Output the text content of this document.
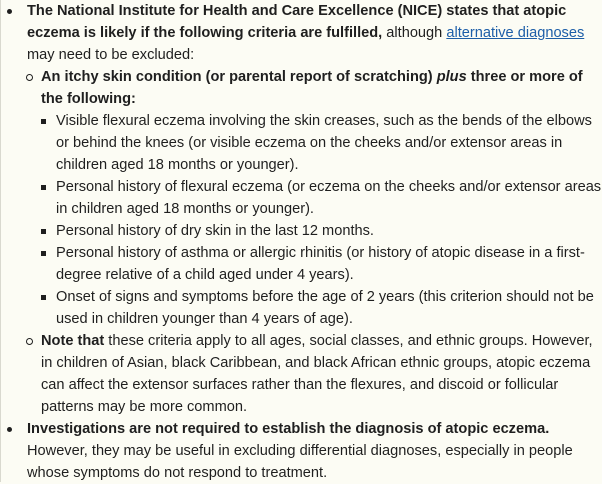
The National Institute for Health and Care Excellence (NICE) states that atopic eczema is likely if the following criteria are fulfilled, although alternative diagnoses may need to be excluded:
An itchy skin condition (or parental report of scratching) plus three or more of the following:
Visible flexural eczema involving the skin creases, such as the bends of the elbows or behind the knees (or visible eczema on the cheeks and/or extensor areas in children aged 18 months or younger).
Personal history of flexural eczema (or eczema on the cheeks and/or extensor areas in children aged 18 months or younger).
Personal history of dry skin in the last 12 months.
Personal history of asthma or allergic rhinitis (or history of atopic disease in a first-degree relative of a child aged under 4 years).
Onset of signs and symptoms before the age of 2 years (this criterion should not be used in children younger than 4 years of age).
Note that these criteria apply to all ages, social classes, and ethnic groups. However, in children of Asian, black Caribbean, and black African ethnic groups, atopic eczema can affect the extensor surfaces rather than the flexures, and discoid or follicular patterns may be more common.
Investigations are not required to establish the diagnosis of atopic eczema. However, they may be useful in excluding differential diagnoses, especially in people whose symptoms do not respond to treatment.
